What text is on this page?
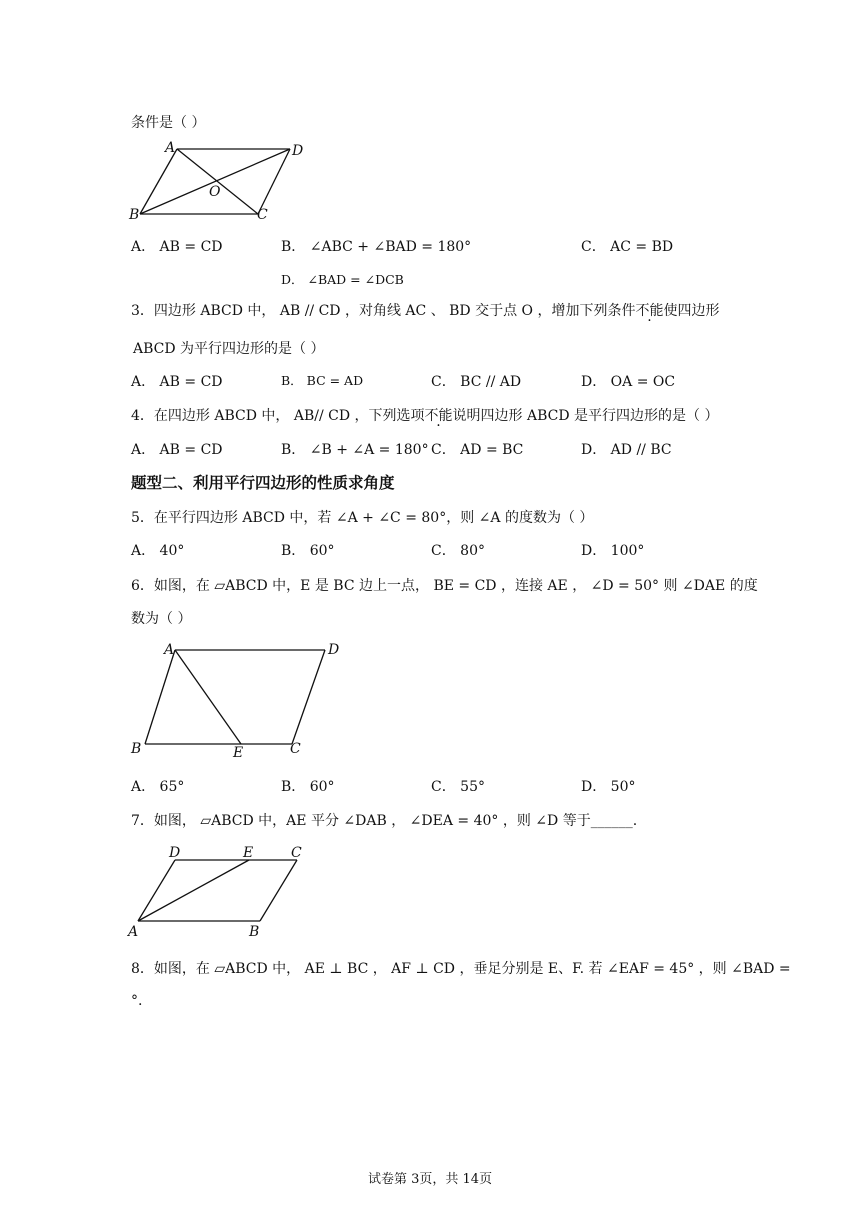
条件是（ ）
A	D
O
B	C
A． AB = CD	B． ∠ABC + ∠BAD = 180°	C． AC = BD
D． ∠BAD = ∠DCB
3．四边形 ABCD 中， AB // CD ，对角线 AC 、 BD 交于点 O ，增加下列条件不能使四边形
ABCD 为平行四边形的是（ ）
A． AB = CD	B． BC = AD	C． BC // AD	D． OA = OC
4．在四边形 ABCD 中， AB// CD ，下列选项不能说明四边形 ABCD 是平行四边形的是（ ）
A． AB = CD	B． ∠B + ∠A = 180° C． AD = BC	D． AD // BC
题型二、利用平行四边形的性质求角度
5．在平行四边形 ABCD 中，若 ∠A + ∠C = 80°，则 ∠A 的度数为（ ）
A． 40°	B． 60°	C． 80°	D． 100°
6．如图，在 ▱ABCD 中，E 是 BC 边上一点， BE = CD ，连接 AE ， ∠D = 50° 则 ∠DAE 的度
数为（ ）
A	D
B	E	C
A． 65°	B． 60°	C． 55°	D． 50°
7．如图， ▱ABCD 中，AE 平分 ∠DAB ， ∠DEA = 40° ，则 ∠D 等于______.
D	E	C
A	B
8．如图，在 ▱ABCD 中， AE ⊥ BC ， AF ⊥ CD ，垂足分别是 E、F. 若 ∠EAF = 45° ，则 ∠BAD =
°.
试卷第 3页，共 14页
